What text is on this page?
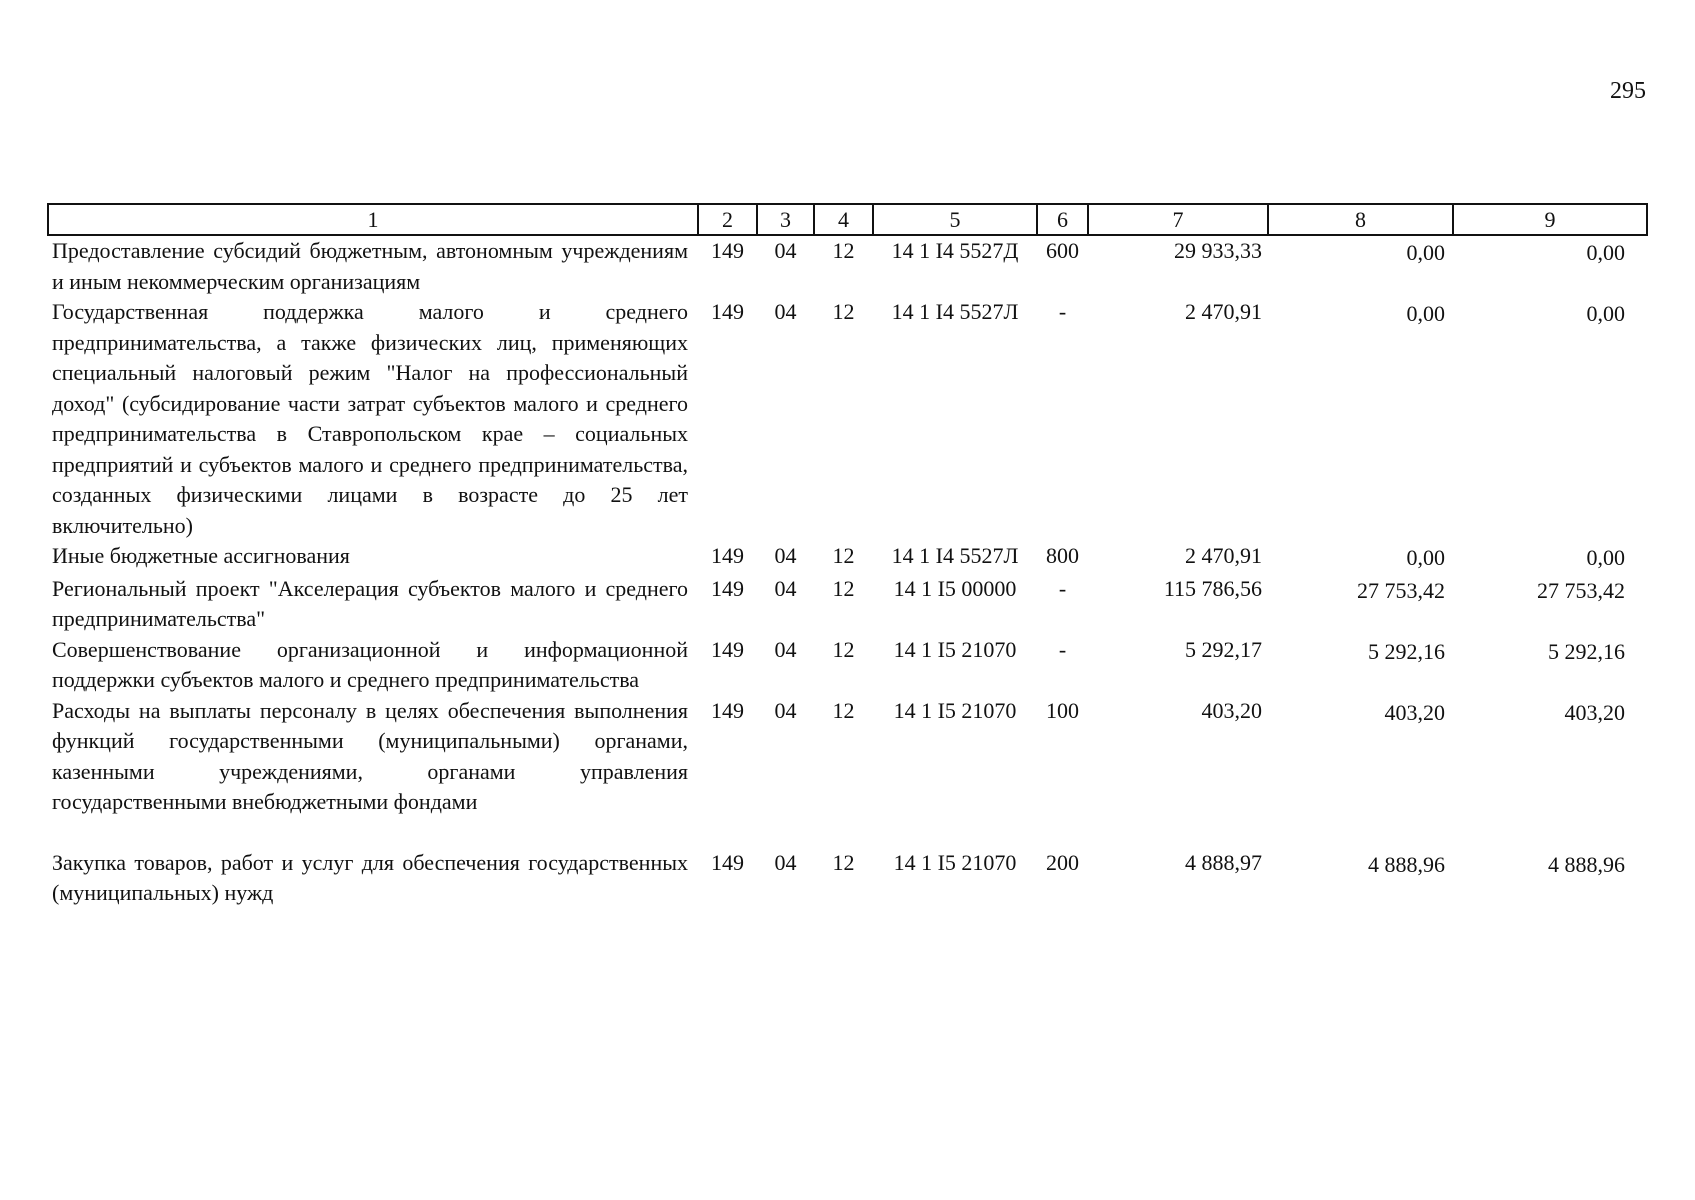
295
1	2	3	4	5	6	7	8	9
Предоставление субсидий бюджетным, автономным учреждениям и иным некоммерческим организациям	149	04	12	14 1 I4 5527Д	600	29 933,33	0,00	0,00
Государственная поддержка малого и среднего предпринимательства, а также физических лиц, применяющих специальный налоговый режим "Налог на профессиональный доход" (субсидирование части затрат субъектов малого и среднего предпринимательства в Ставропольском крае – социальных предприятий и субъектов малого и среднего предпринимательства, созданных физическими лицами в возрасте до 25 лет включительно)	149	04	12	14 1 I4 5527Л	-	2 470,91	0,00	0,00
Иные бюджетные ассигнования	149	04	12	14 1 I4 5527Л	800	2 470,91	0,00	0,00
Региональный проект "Акселерация субъектов малого и среднего предпринимательства"	149	04	12	14 1 I5 00000	-	115 786,56	27 753,42	27 753,42
Совершенствование организационной и информационной поддержки субъектов малого и среднего предпринимательства	149	04	12	14 1 I5 21070	-	5 292,17	5 292,16	5 292,16
Расходы на выплаты персоналу в целях обеспечения выполнения функций государственными (муниципальными) органами, казенными учреждениями, органами управления государственными внебюджетными фондами	149	04	12	14 1 I5 21070	100	403,20	403,20	403,20

Закупка товаров, работ и услуг для обеспечения государственных (муниципальных) нужд	149	04	12	14 1 I5 21070	200	4 888,97	4 888,96	4 888,96
